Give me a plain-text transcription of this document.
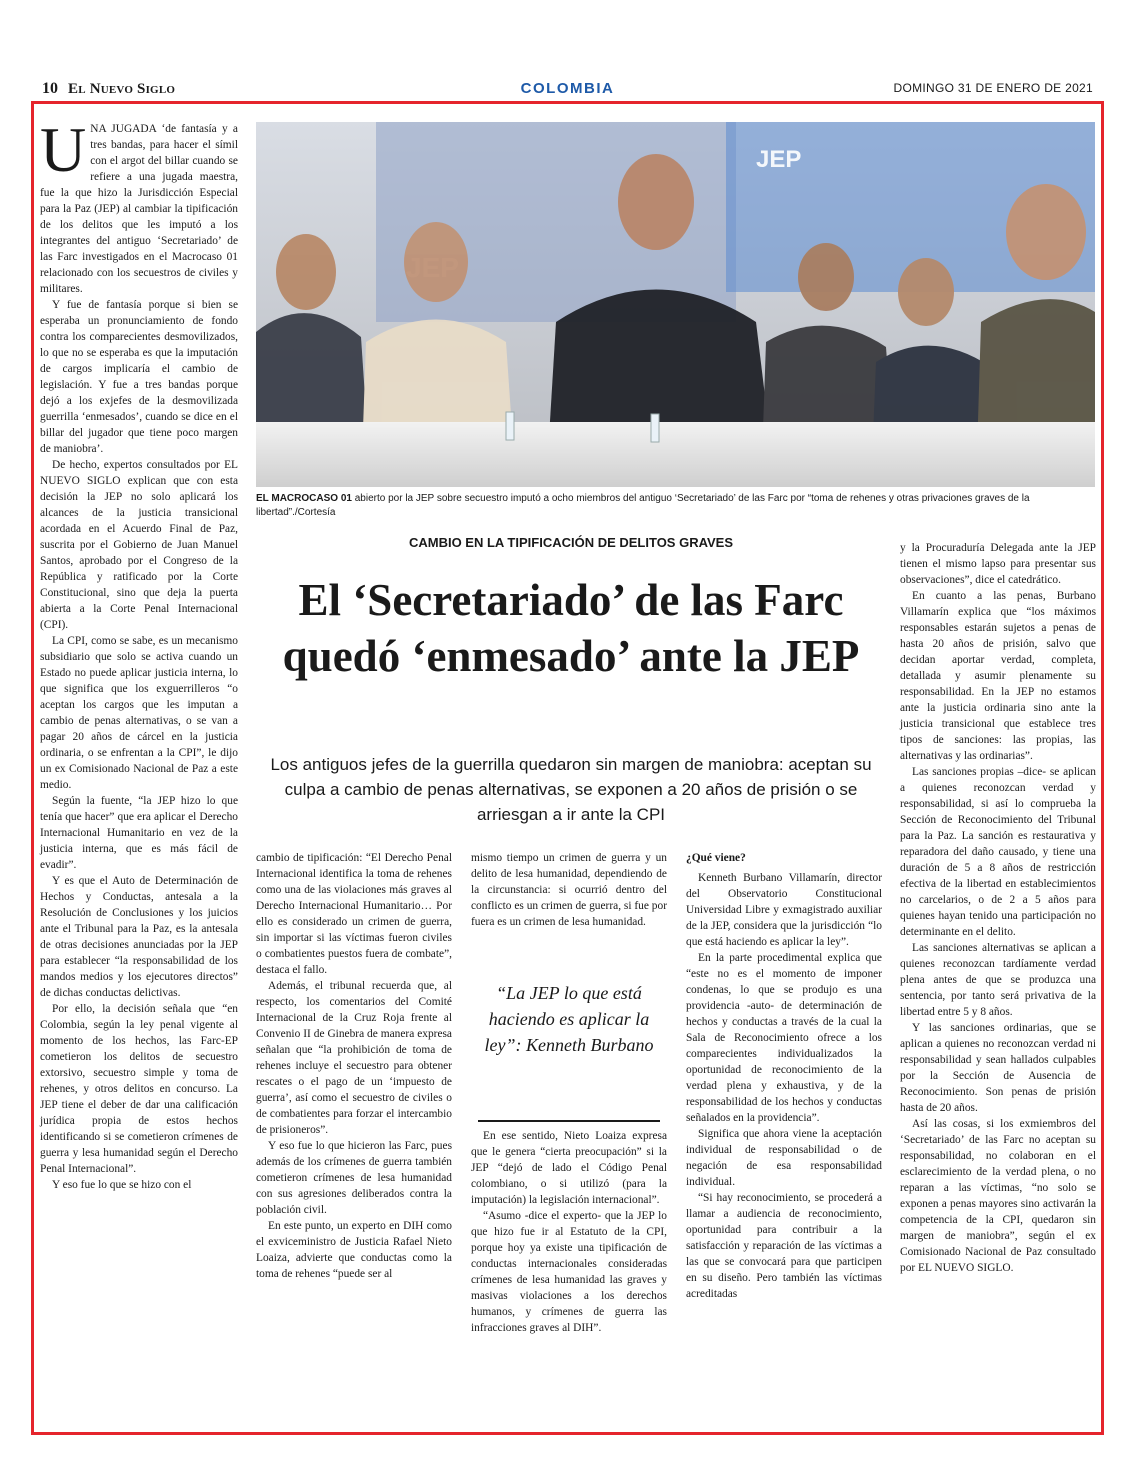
10 El Nuevo Siglo	COLOMBIA	DOMINGO 31 DE ENERO DE 2021

UNA JUGADA ‘de fantasía y a tres bandas, para hacer el símil con el argot del billar cuando se refiere a una jugada maestra, fue la que hizo la Jurisdicción Especial para la Paz (JEP) al cambiar la tipificación de los delitos que les imputó a los integrantes del antiguo ‘Secretariado’ de las Farc investigados en el Macrocaso 01 relacionado con los secuestros de civiles y militares.

Y fue de fantasía porque si bien se esperaba un pronunciamiento de fondo contra los comparecientes desmovilizados, lo que no se esperaba es que la imputación de cargos implicaría el cambio de legislación. Y fue a tres bandas porque dejó a los exjefes de la desmovilizada guerrilla ‘enmesados’, cuando se dice en el billar del jugador que tiene poco margen de maniobra’.

De hecho, expertos consultados por EL NUEVO SIGLO explican que con esta decisión la JEP no solo aplicará los alcances de la justicia transicional acordada en el Acuerdo Final de Paz, suscrita por el Gobierno de Juan Manuel Santos, aprobado por el Congreso de la República y ratificado por la Corte Constitucional, sino que deja la puerta abierta a la Corte Penal Internacional (CPI).

La CPI, como se sabe, es un mecanismo subsidiario que solo se activa cuando un Estado no puede aplicar justicia interna, lo que significa que los exguerrilleros “o aceptan los cargos que les imputan a cambio de penas alternativas, o se van a pagar 20 años de cárcel en la justicia ordinaria, o se enfrentan a la CPI”, le dijo un ex Comisionado Nacional de Paz a este medio.

Según la fuente, “la JEP hizo lo que tenía que hacer” que era aplicar el Derecho Internacional Humanitario en vez de la justicia interna, que es más fácil de evadir”.

Y es que el Auto de Determinación de Hechos y Conductas, antesala a la Resolución de Conclusiones y los juicios ante el Tribunal para la Paz, es la antesala de otras decisiones anunciadas por la JEP para establecer “la responsabilidad de los mandos medios y los ejecutores directos” de dichas conductas delictivas.

Por ello, la decisión señala que “en Colombia, según la ley penal vigente al momento de los hechos, las Farc-EP cometieron los delitos de secuestro extorsivo, secuestro simple y toma de rehenes, y otros delitos en concurso. La JEP tiene el deber de dar una calificación jurídica propia de estos hechos identificando si se cometieron crímenes de guerra y lesa humanidad según el Derecho Penal Internacional”.

Y eso fue lo que se hizo con el

JEP
EL MACROCASO 01 abierto por la JEP sobre secuestro imputó a ocho miembros del antiguo ‘Secretariado’ de las Farc por “toma de rehenes y otras privaciones graves de la libertad”./Cortesía
CAMBIO EN LA TIPIFICACIÓN DE DELITOS GRAVES
El ‘Secretariado’ de las Farc quedó ‘enmesado’ ante la JEP
Los antiguos jefes de la guerrilla quedaron sin margen de maniobra: aceptan su culpa a cambio de penas alternativas, se exponen a 20 años de prisión o se arriesgan a ir ante la CPI

cambio de tipificación: “El Derecho Penal Internacional identifica la toma de rehenes como una de las violaciones más graves al Derecho Internacional Humanitario… Por ello es considerado un crimen de guerra, sin importar si las víctimas fueron civiles o combatientes puestos fuera de combate”, destaca el fallo.

Además, el tribunal recuerda que, al respecto, los comentarios del Comité Internacional de la Cruz Roja frente al Convenio II de Ginebra de manera expresa señalan que “la prohibición de toma de rehenes incluye el secuestro para obtener rescates o el pago de un ‘impuesto de guerra’, así como el secuestro de civiles o de combatientes para forzar el intercambio de prisioneros”.

Y eso fue lo que hicieron las Farc, pues además de los crímenes de guerra también cometieron crímenes de lesa humanidad con sus agresiones deliberados contra la población civil.

En este punto, un experto en DIH como el exviceministro de Justicia Rafael Nieto Loaiza, advierte que conductas como la toma de rehenes “puede ser al

mismo tiempo un crimen de guerra y un delito de lesa humanidad, dependiendo de la circunstancia: si ocurrió dentro del conflicto es un crimen de guerra, si fue por fuera es un crimen de lesa humanidad.

En ese sentido, Nieto Loaiza expresa que le genera “cierta preocupación” si la JEP “dejó de lado el Código Penal colombiano, o si utilizó (para la imputación) la legislación internacional”.

“Asumo -dice el experto- que la JEP lo que hizo fue ir al Estatuto de la CPI, porque hoy ya existe una tipificación de conductas internacionales consideradas crímenes de lesa humanidad las graves y masivas violaciones a los derechos humanos, y crímenes de guerra las infracciones graves al DIH”.

“La JEP lo que está haciendo es aplicar la ley”: Kenneth Burbano

¿Qué viene?

Kenneth Burbano Villamarín, director del Observatorio Constitucional Universidad Libre y exmagistrado auxiliar de la JEP, considera que la jurisdicción “lo que está haciendo es aplicar la ley”.

En la parte procedimental explica que “este no es el momento de imponer condenas, lo que se produjo es una providencia -auto- de determinación de hechos y conductas a través de la cual la Sala de Reconocimiento ofrece a los comparecientes individualizados la oportunidad de reconocimiento de la verdad plena y exhaustiva, y de la responsabilidad de los hechos y conductas señalados en la providencia”.

Significa que ahora viene la aceptación individual de responsabilidad o de negación de esa responsabilidad individual.

“Si hay reconocimiento, se procederá a llamar a audiencia de reconocimiento, oportunidad para contribuir a la satisfacción y reparación de las víctimas a las que se convocará para que participen en su diseño. Pero también las víctimas acreditadas

y la Procuraduría Delegada ante la JEP tienen el mismo lapso para presentar sus observaciones”, dice el catedrático.

En cuanto a las penas, Burbano Villamarín explica que “los máximos responsables estarán sujetos a penas de hasta 20 años de prisión, salvo que decidan aportar verdad, completa, detallada y asumir plenamente su responsabilidad. En la JEP no estamos ante la justicia ordinaria sino ante la justicia transicional que establece tres tipos de sanciones: las propias, las alternativas y las ordinarias”.

Las sanciones propias –dice- se aplican a quienes reconozcan verdad y responsabilidad, si así lo comprueba la Sección de Reconocimiento del Tribunal para la Paz. La sanción es restaurativa y reparadora del daño causado, y tiene una duración de 5 a 8 años de restricción efectiva de la libertad en establecimientos no carcelarios, o de 2 a 5 años para quienes hayan tenido una participación no determinante en el delito.

Las sanciones alternativas se aplican a quienes reconozcan tardíamente verdad plena antes de que se produzca una sentencia, por tanto será privativa de la libertad entre 5 y 8 años.

Y las sanciones ordinarias, que se aplican a quienes no reconozcan verdad ni responsabilidad y sean hallados culpables por la Sección de Ausencia de Reconocimiento. Son penas de prisión hasta de 20 años.

Así las cosas, si los exmiembros del ‘Secretariado’ de las Farc no aceptan su responsabilidad, no colaboran en el esclarecimiento de la verdad plena, o no reparan a las víctimas, “no solo se exponen a penas mayores sino activarán la competencia de la CPI, quedaron sin margen de maniobra”, según el ex Comisionado Nacional de Paz consultado por EL NUEVO SIGLO.
